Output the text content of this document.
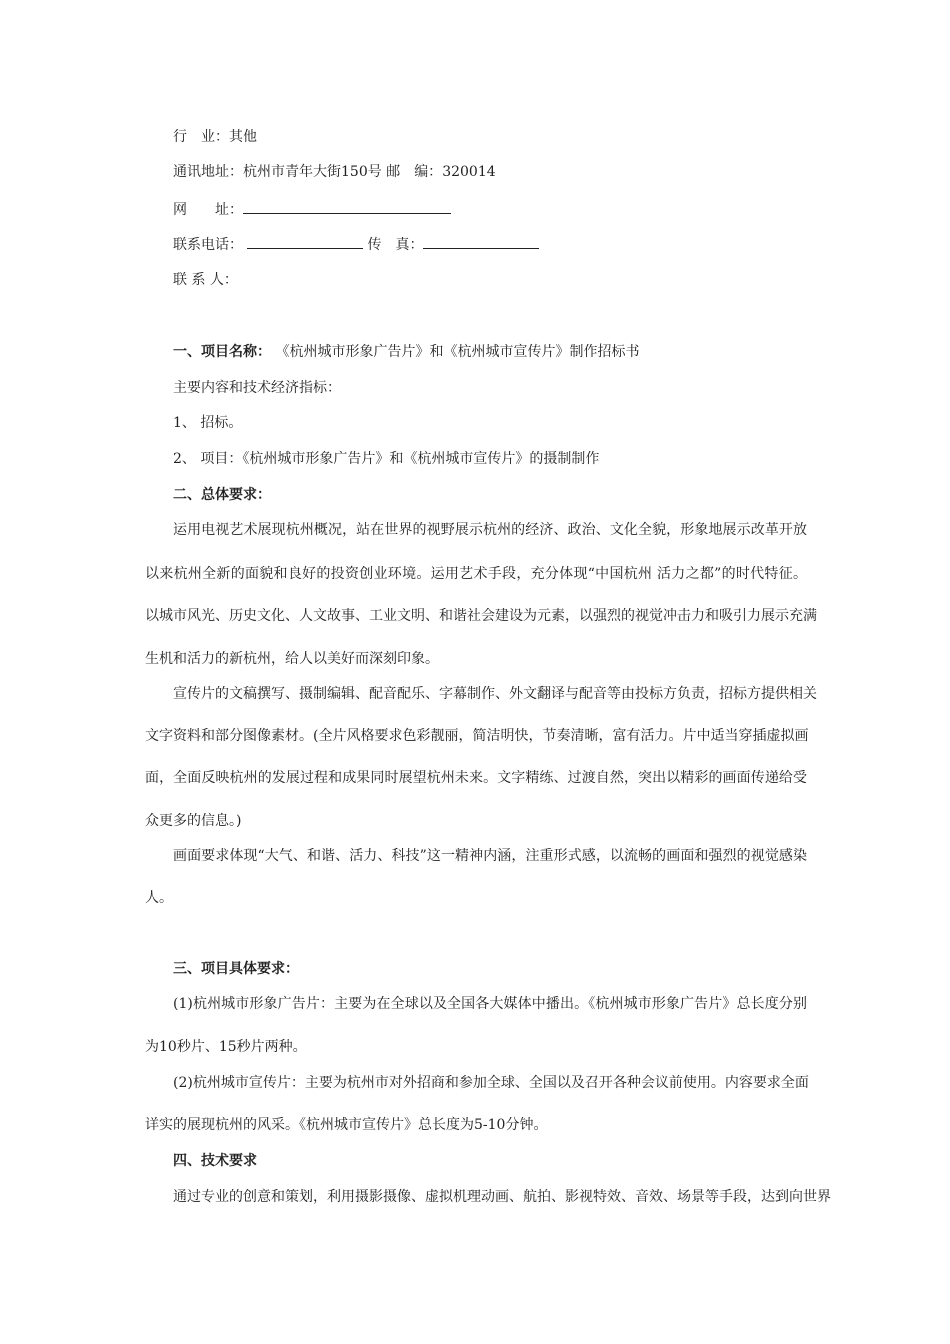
行 业：其他
通讯地址：杭州市青年大街150号 邮 编：320014
网 址：
联系电话：	传 真：
联 系 人：
一、项目名称： 《杭州城市形象广告片》和《杭州城市宣传片》制作招标书
主要内容和技术经济指标：
1、 招标。
2、 项目：《杭州城市形象广告片》和《杭州城市宣传片》的摄制制作
二、总体要求：
运用电视艺术展现杭州概况，站在世界的视野展示杭州的经济、政治、文化全貌，形象地展示改革开放
以来杭州全新的面貌和良好的投资创业环境。运用艺术手段，充分体现“中国杭州 活力之都”的时代特征。
以城市风光、历史文化、人文故事、工业文明、和谐社会建设为元素，以强烈的视觉冲击力和吸引力展示充满
生机和活力的新杭州，给人以美好而深刻印象。
宣传片的文稿撰写、摄制编辑、配音配乐、字幕制作、外文翻译与配音等由投标方负责，招标方提供相关
文字资料和部分图像素材。(全片风格要求色彩靓丽，简洁明快，节奏清晰，富有活力。片中适当穿插虚拟画
面，全面反映杭州的发展过程和成果同时展望杭州未来。文字精练、过渡自然，突出以精彩的画面传递给受
众更多的信息。)
画面要求体现“大气、和谐、活力、科技”这一精神内涵，注重形式感，以流畅的画面和强烈的视觉感染
人。
三、项目具体要求：
(1)杭州城市形象广告片：主要为在全球以及全国各大媒体中播出。《杭州城市形象广告片》总长度分别
为10秒片、15秒片两种。
(2)杭州城市宣传片：主要为杭州市对外招商和参加全球、全国以及召开各种会议前使用。内容要求全面
详实的展现杭州的风采。《杭州城市宣传片》总长度为5-10分钟。
四、技术要求
通过专业的创意和策划，利用摄影摄像、虚拟机理动画、航拍、影视特效、音效、场景等手段，达到向世界
